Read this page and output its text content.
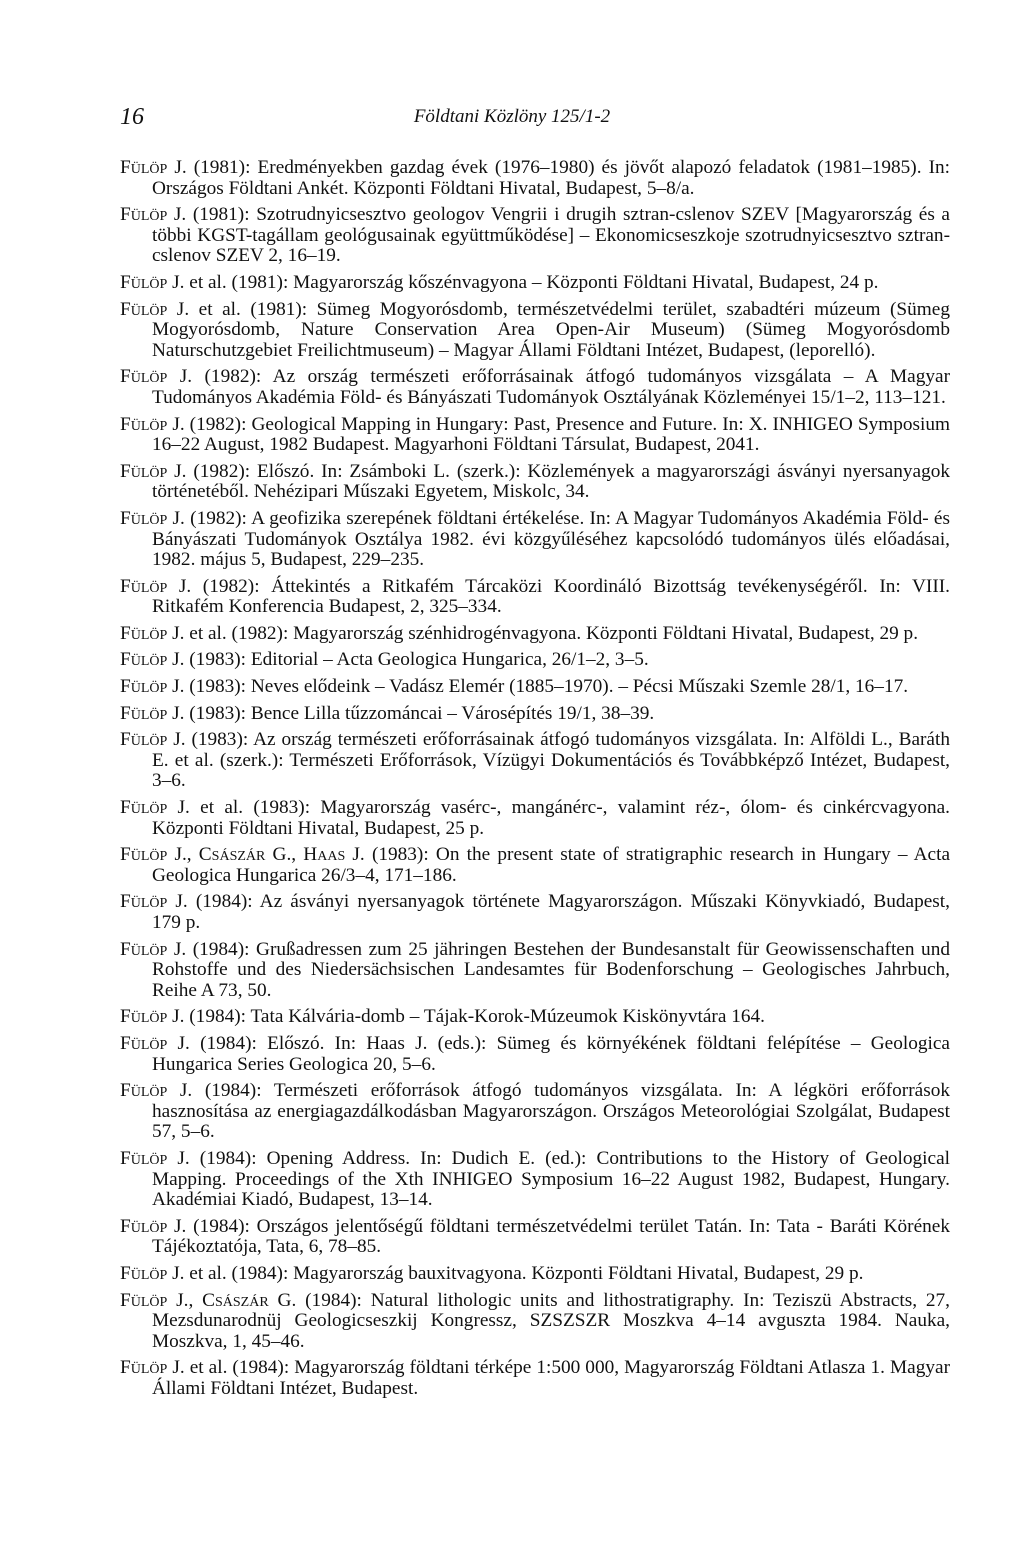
16	Földtani Közlöny 125/1-2

Fülöp J. (1981): Eredményekben gazdag évek (1976–1980) és jövőt alapozó feladatok (1981–1985). In: Országos Földtani Ankét. Központi Földtani Hivatal, Budapest, 5–8/a.

Fülöp J. (1981): Szotrudnyicsesztvo geologov Vengrii i drugih sztran-cslenov SZEV [Magyarország és a többi KGST-tagállam geológusainak együttműködése] – Ekonomicseszkoje szotrudnyicsesztvo sztran-cslenov SZEV 2, 16–19.

Fülöp J. et al. (1981): Magyarország kőszénvagyona – Központi Földtani Hivatal, Budapest, 24 p.

Fülöp J. et al. (1981): Sümeg Mogyorósdomb, természetvédelmi terület, szabadtéri múzeum (Sümeg Mogyorósdomb, Nature Conservation Area Open-Air Museum) (Sümeg Mogyorósdomb Naturschutzgebiet Freilichtmuseum) – Magyar Állami Földtani Intézet, Budapest, (leporelló).

Fülöp J. (1982): Az ország természeti erőforrásainak átfogó tudományos vizsgálata – A Magyar Tudományos Akadémia Föld- és Bányászati Tudományok Osztályának Közleményei 15/1–2, 113–121.

Fülöp J. (1982): Geological Mapping in Hungary: Past, Presence and Future. In: X. INHIGEO Symposium 16–22 August, 1982 Budapest. Magyarhoni Földtani Társulat, Budapest, 2041.

Fülöp J. (1982): Előszó. In: Zsámboki L. (szerk.): Közlemények a magyarországi ásványi nyersanyagok történetéből. Nehézipari Műszaki Egyetem, Miskolc, 34.

Fülöp J. (1982): A geofizika szerepének földtani értékelése. In: A Magyar Tudományos Akadémia Föld- és Bányászati Tudományok Osztálya 1982. évi közgyűléséhez kapcsolódó tudományos ülés előadásai, 1982. május 5, Budapest, 229–235.

Fülöp J. (1982): Áttekintés a Ritkafém Tárcaközi Koordináló Bizottság tevékenységéről. In: VIII. Ritkafém Konferencia Budapest, 2, 325–334.

Fülöp J. et al. (1982): Magyarország szénhidrogénvagyona. Központi Földtani Hivatal, Budapest, 29 p.

Fülöp J. (1983): Editorial – Acta Geologica Hungarica, 26/1–2, 3–5.

Fülöp J. (1983): Neves elődeink – Vadász Elemér (1885–1970). – Pécsi Műszaki Szemle 28/1, 16–17.

Fülöp J. (1983): Bence Lilla tűzzománcai – Városépítés 19/1, 38–39.

Fülöp J. (1983): Az ország természeti erőforrásainak átfogó tudományos vizsgálata. In: Alföldi L., Baráth E. et al. (szerk.): Természeti Erőforrások, Vízügyi Dokumentációs és Továbbképző Intézet, Budapest, 3–6.

Fülöp J. et al. (1983): Magyarország vasérc-, mangánérc-, valamint réz-, ólom- és cinkércvagyona. Központi Földtani Hivatal, Budapest, 25 p.

Fülöp J., Császár G., Haas J. (1983): On the present state of stratigraphic research in Hungary – Acta Geologica Hungarica 26/3–4, 171–186.

Fülöp J. (1984): Az ásványi nyersanyagok története Magyarországon. Műszaki Könyvkiadó, Budapest, 179 p.

Fülöp J. (1984): Grußadressen zum 25 jähringen Bestehen der Bundesanstalt für Geowissenschaften und Rohstoffe und des Niedersächsischen Landesamtes für Bodenforschung – Geologisches Jahrbuch, Reihe A 73, 50.

Fülöp J. (1984): Tata Kálvária-domb – Tájak-Korok-Múzeumok Kiskönyvtára 164.

Fülöp J. (1984): Előszó. In: Haas J. (eds.): Sümeg és környékének földtani felépítése – Geologica Hungarica Series Geologica 20, 5–6.

Fülöp J. (1984): Természeti erőforrások átfogó tudományos vizsgálata. In: A légköri erőforrások hasznosítása az energiagazdálkodásban Magyarországon. Országos Meteorológiai Szolgálat, Budapest 57, 5–6.

Fülöp J. (1984): Opening Address. In: Dudich E. (ed.): Contributions to the History of Geological Mapping. Proceedings of the Xth INHIGEO Symposium 16–22 August 1982, Budapest, Hungary. Akadémiai Kiadó, Budapest, 13–14.

Fülöp J. (1984): Országos jelentőségű földtani természetvédelmi terület Tatán. In: Tata - Baráti Körének Tájékoztatója, Tata, 6, 78–85.

Fülöp J. et al. (1984): Magyarország bauxitvagyona. Központi Földtani Hivatal, Budapest, 29 p.

Fülöp J., Császár G. (1984): Natural lithologic units and lithostratigraphy. In: Teziszü Abstracts, 27, Mezsdunarodnüj Geologicseszkij Kongressz, SZSZSZR Moszkva 4–14 avguszta 1984. Nauka, Moszkva, 1, 45–46.

Fülöp J. et al. (1984): Magyarország földtani térképe 1:500 000, Magyarország Földtani Atlasza 1. Magyar Állami Földtani Intézet, Budapest.
